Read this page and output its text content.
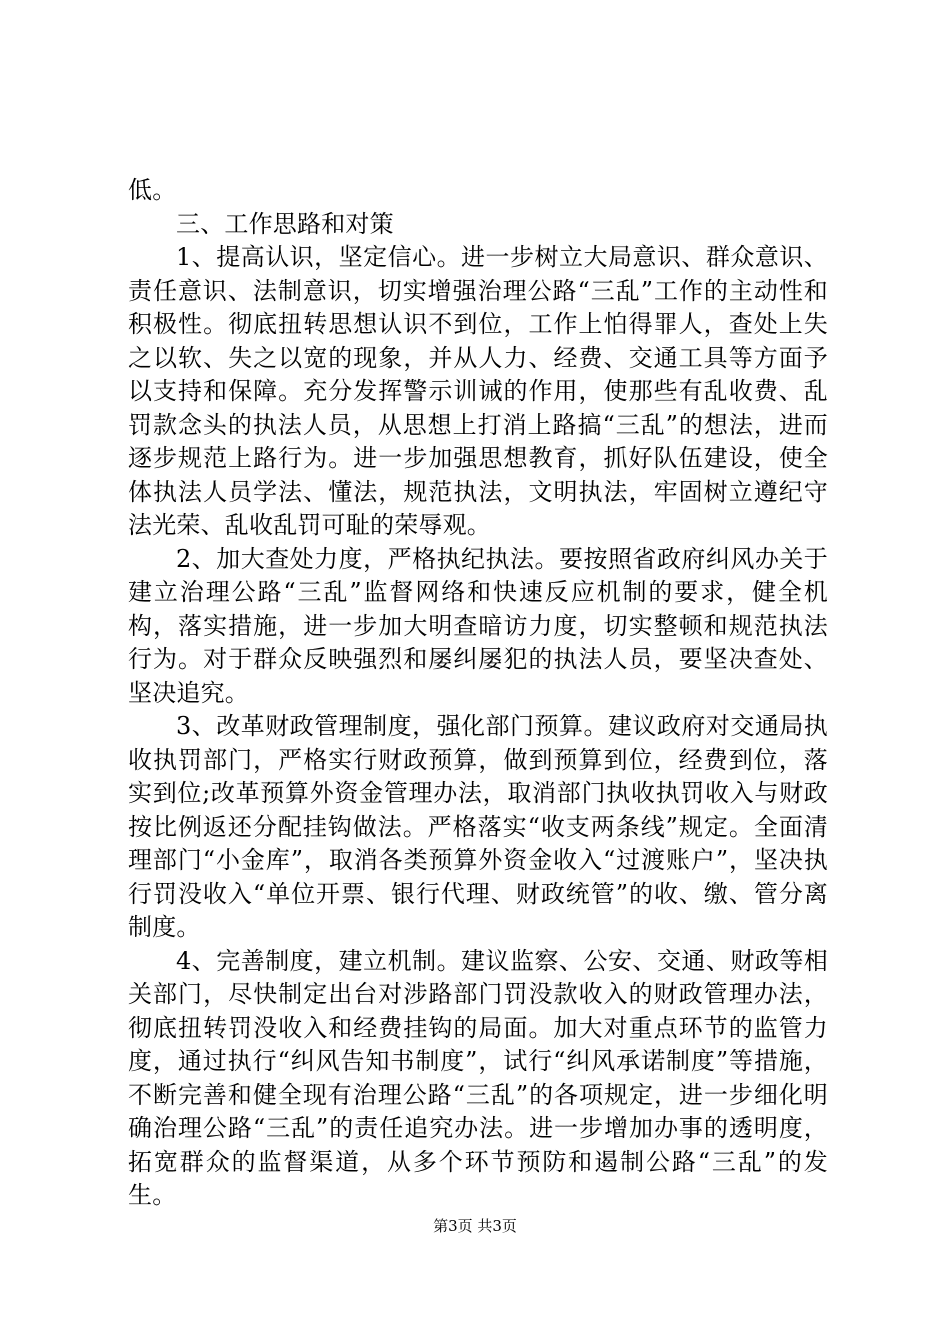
低。

三、工作思路和对策

1、提高认识，坚定信心。进一步树立大局意识、群众意识、责任意识、法制意识，切实增强治理公路“三乱”工作的主动性和积极性。彻底扭转思想认识不到位，工作上怕得罪人，查处上失之以软、失之以宽的现象，并从人力、经费、交通工具等方面予以支持和保障。充分发挥警示训诫的作用，使那些有乱收费、乱罚款念头的执法人员，从思想上打消上路搞“三乱”的想法，进而逐步规范上路行为。进一步加强思想教育，抓好队伍建设，使全体执法人员学法、懂法，规范执法，文明执法，牢固树立遵纪守法光荣、乱收乱罚可耻的荣辱观。

2、加大查处力度，严格执纪执法。要按照省政府纠风办关于建立治理公路“三乱”监督网络和快速反应机制的要求，健全机构，落实措施，进一步加大明查暗访力度，切实整顿和规范执法行为。对于群众反映强烈和屡纠屡犯的执法人员，要坚决查处、坚决追究。

3、改革财政管理制度，强化部门预算。建议政府对交通局执收执罚部门，严格实行财政预算，做到预算到位，经费到位，落实到位;改革预算外资金管理办法，取消部门执收执罚收入与财政按比例返还分配挂钩做法。严格落实“收支两条线”规定。全面清理部门“小金库”，取消各类预算外资金收入“过渡账户”，坚决执行罚没收入“单位开票、银行代理、财政统管”的收、缴、管分离制度。

4、完善制度，建立机制。建议监察、公安、交通、财政等相关部门，尽快制定出台对涉路部门罚没款收入的财政管理办法，彻底扭转罚没收入和经费挂钩的局面。加大对重点环节的监管力度，通过执行“纠风告知书制度”，试行“纠风承诺制度”等措施，不断完善和健全现有治理公路“三乱”的各项规定，进一步细化明确治理公路“三乱”的责任追究办法。进一步增加办事的透明度，拓宽群众的监督渠道，从多个环节预防和遏制公路“三乱”的发生。

第3页 共3页
